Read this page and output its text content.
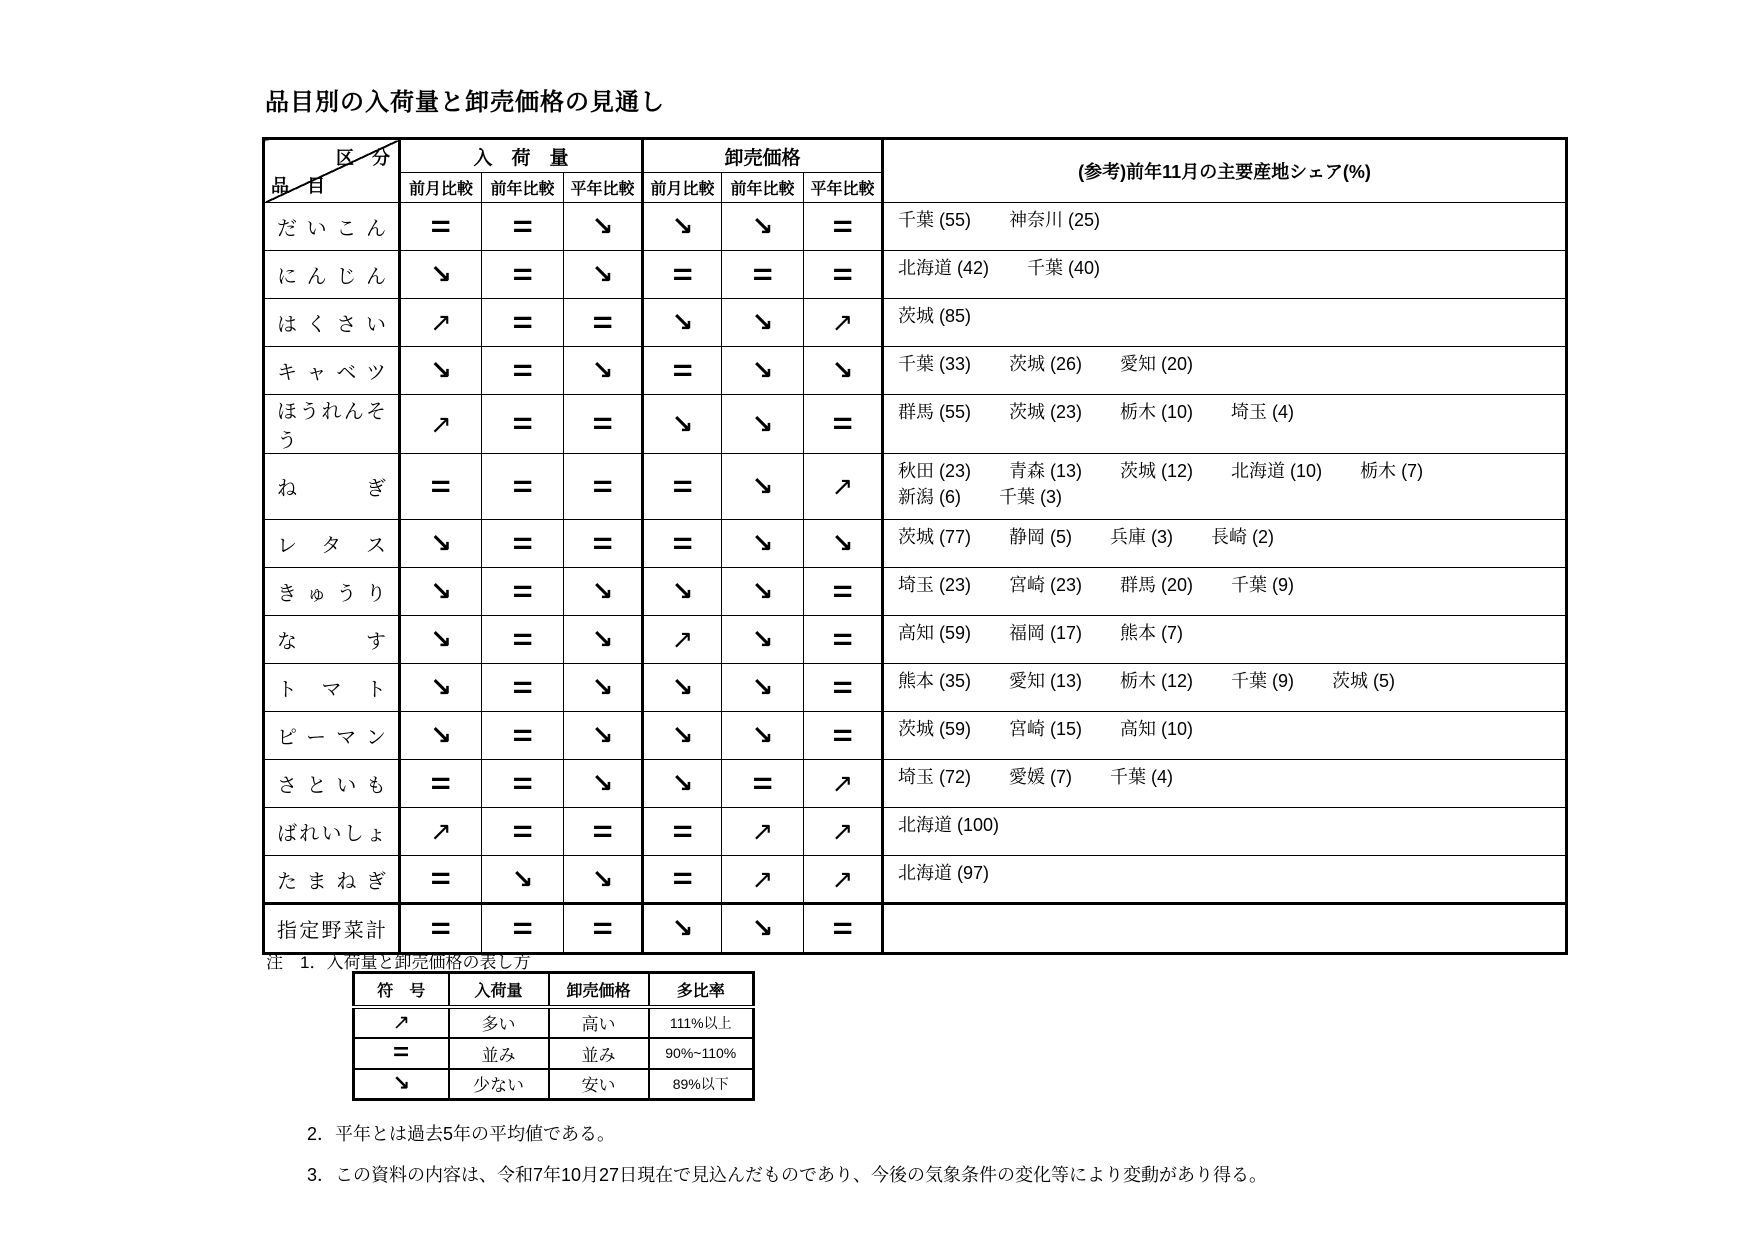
品目別の入荷量と卸売価格の見通し
区　分
品　目	入　荷　量			卸売価格			(参考)前年11月の主要産地シェア(%)
	前月比較	前年比較	平年比較	前月比較	前年比較	平年比較	
だいこん	=	=	↘	↘	↘	=	千葉 (55) 神奈川 (25)

にんじん	↘	=	↘	=	=	=	北海道 (42) 千葉 (40)

はくさい	↗	=	=	↘	↘	↗	茨城 (85)

キャベツ	↘	=	↘	=	↘	↘	千葉 (33) 茨城 (26) 愛知 (20)

ほうれんそう	↗	=	=	↘	↘	=	群馬 (55) 茨城 (23) 栃木 (10) 埼玉 (4)

ねぎ	=	=	=	=	↘	↗	秋田 (23) 青森 (13) 茨城 (12) 北海道 (10) 栃木 (7)
新潟 (6) 千葉 (3)

レタス	↘	=	=	=	↘	↘	茨城 (77) 静岡 (5) 兵庫 (3) 長崎 (2)

きゅうり	↘	=	↘	↘	↘	=	埼玉 (23) 宮崎 (23) 群馬 (20) 千葉 (9)

なす	↘	=	↘	↗	↘	=	高知 (59) 福岡 (17) 熊本 (7)

トマト	↘	=	↘	↘	↘	=	熊本 (35) 愛知 (13) 栃木 (12) 千葉 (9) 茨城 (5)

ピーマン	↘	=	↘	↘	↘	=	茨城 (59) 宮崎 (15) 高知 (10)

さといも	=	=	↘	↘	=	↗	埼玉 (72) 愛媛 (7) 千葉 (4)

ばれいしょ	↗	=	=	=	↗	↗	北海道 (100)

たまねぎ	=	↘	↘	=	↗	↗	北海道 (97)

指定野菜計	=	=	=	↘	↘	=	
注　1．入荷量と卸売価格の表し方
符　号	入荷量	卸売価格	多比率
↗	多い	高い	111%以上
=	並み	並み	90%~110%
↘	少ない	安い	89%以下
2．平年とは過去5年の平均値である。
3．この資料の内容は、令和7年10月27日現在で見込んだものであり、今後の気象条件の変化等により変動があり得る。
